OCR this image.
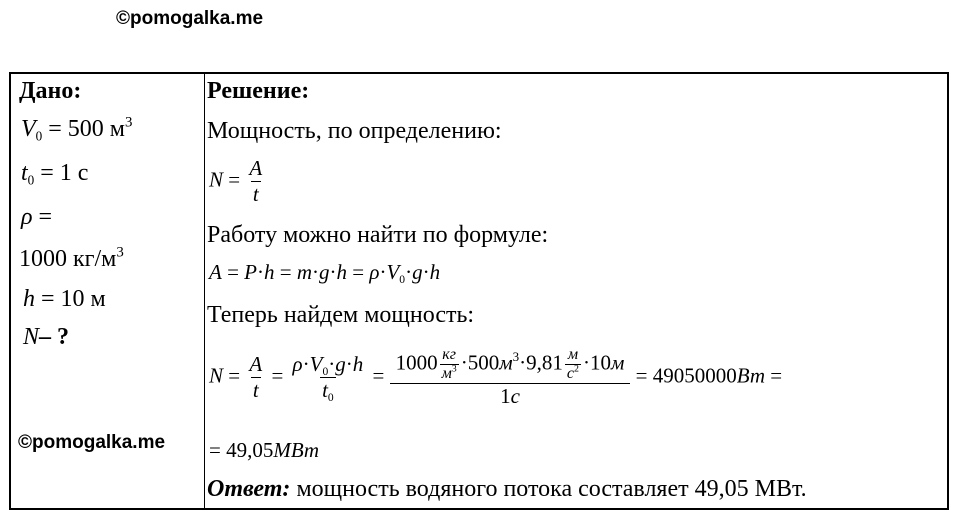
©pomogalka.me
Дано:
$V_0 = 500$ $м^3$
$t_0 = 1$ с
ρ =
1000 $кг/м^3$
h = 10 м
N– ?
Решение:
Мощность, по определению:
$N = \frac{A}{t}$
Работу можно найти по формуле:
$A = P\cdot h = m\cdot g\cdot h = \rho\cdot V_0\cdot g\cdot h$
Теперь найдем мощность:
$N = \frac{A}{t} = \frac{\rho\cdot V_0\cdot g\cdot h}{t_0} = \frac{1000 \frac{кг}{м^3} \cdot 500м^3\cdot 9,81 \frac{м}{с^2} \cdot 10м}{1с} = 49050000Вт$ =
= 49,05МВт
Ответ: мощность водяного потока составляет 49,05 МВт.
©pomogalka.me
